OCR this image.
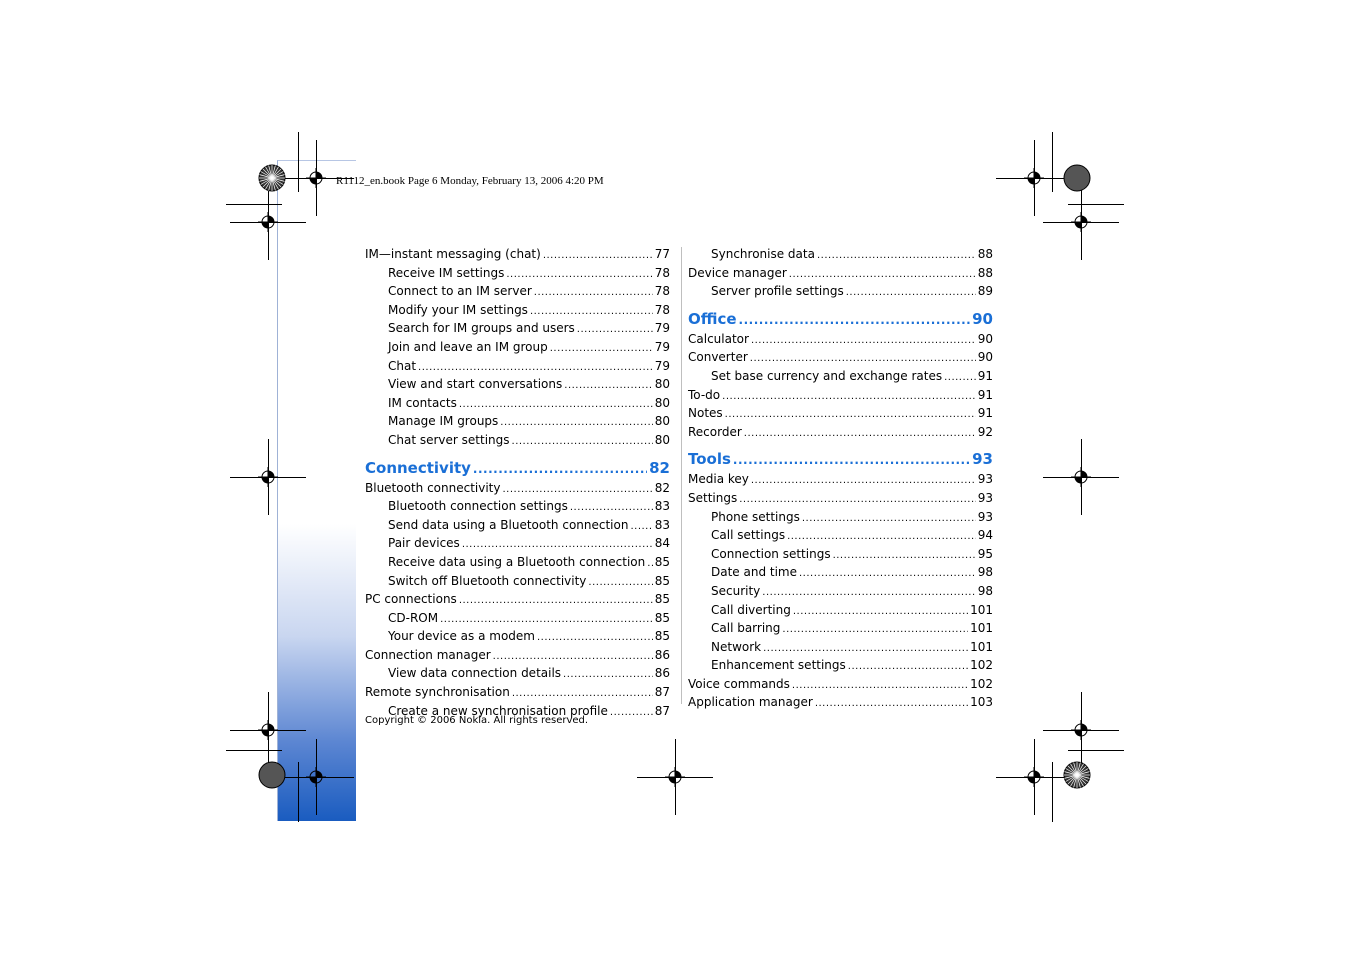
R1112_en.book Page 6 Monday, February 13, 2006 4:20 PM
IM—instant messaging (chat) .....	77
Receive IM settings .....	78
Connect to an IM server .....	78
Modify your IM settings .....	78
Search for IM groups and users .....	79
Join and leave an IM group .....	79
Chat .....	79
View and start conversations .....	80
IM contacts .....	80
Manage IM groups .....	80
Chat server settings .....	80
Connectivity .....	82
Bluetooth connectivity .....	82
Bluetooth connection settings .....	83
Send data using a Bluetooth connection ..... 83
Pair devices .....	84
Receive data using a Bluetooth connection ..... 85
Switch off Bluetooth connectivity .....	85
PC connections .....	85
CD-ROM .....	85
Your device as a modem .....	85
Connection manager .....	86
View data connection details .....	86
Remote synchronisation .....	87
Create a new synchronisation profile .....	87
Synchronise data .....	88
Device manager .....	88
Server profile settings .....	89
Office .....	90
Calculator .....	90
Converter .....	90
Set base currency and exchange rates .....	91
To-do .....	91
Notes .....	91
Recorder .....	92
Tools .....	93
Media key .....	93
Settings .....	93
Phone settings .....	93
Call settings .....	94
Connection settings .....	95
Date and time .....	98
Security .....	98
Call diverting .....	101
Call barring .....	101
Network .....	101
Enhancement settings .....	102
Voice commands .....	102
Application manager .....	103
Copyright © 2006 Nokia. All rights reserved.
